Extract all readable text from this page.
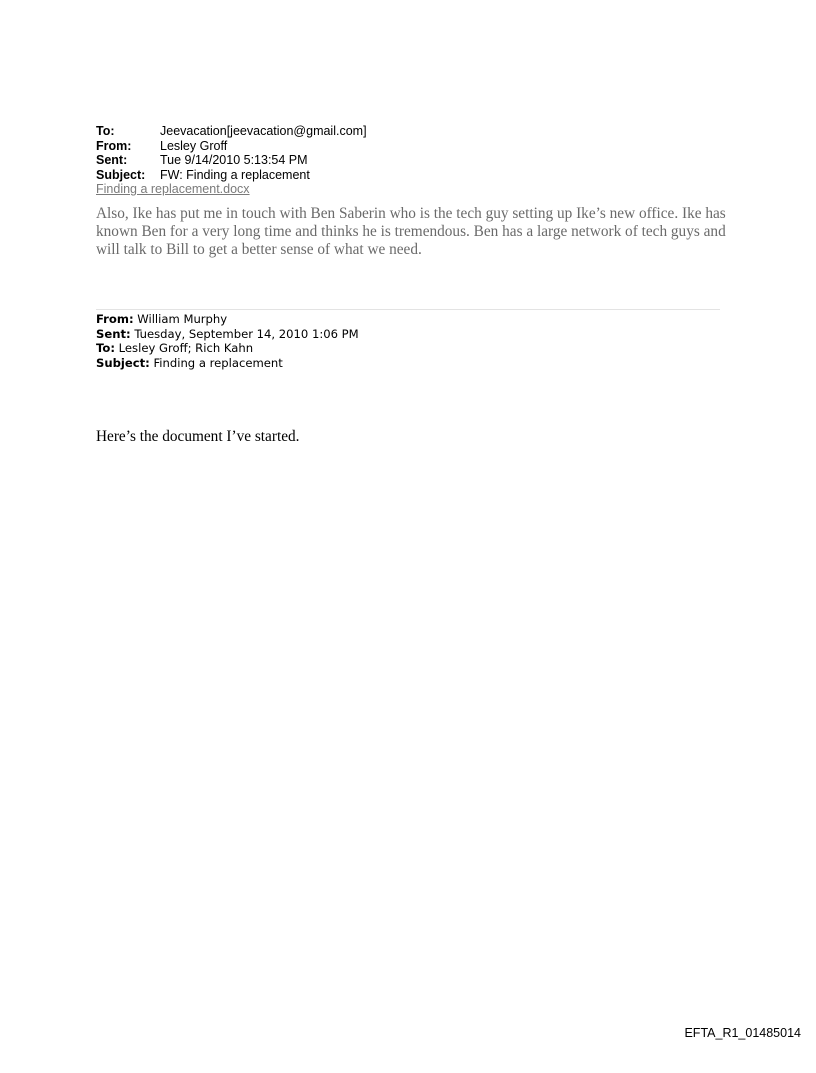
To:	Jeevacation[jeevacation@gmail.com]
From: Lesley Groff
Sent:	Tue 9/14/2010 5:13:54 PM
Subject: FW: Finding a replacement
Finding a replacement.docx
Also, Ike has put me in touch with Ben Saberin who is the tech guy setting up Ike’s new office. Ike has known Ben for a very long time and thinks he is tremendous. Ben has a large network of tech guys and will talk to Bill to get a better sense of what we need.
From: William Murphy
Sent: Tuesday, September 14, 2010 1:06 PM
To: Lesley Groff; Rich Kahn
Subject: Finding a replacement
Here’s the document I’ve started.
EFTA_R1_01485014
